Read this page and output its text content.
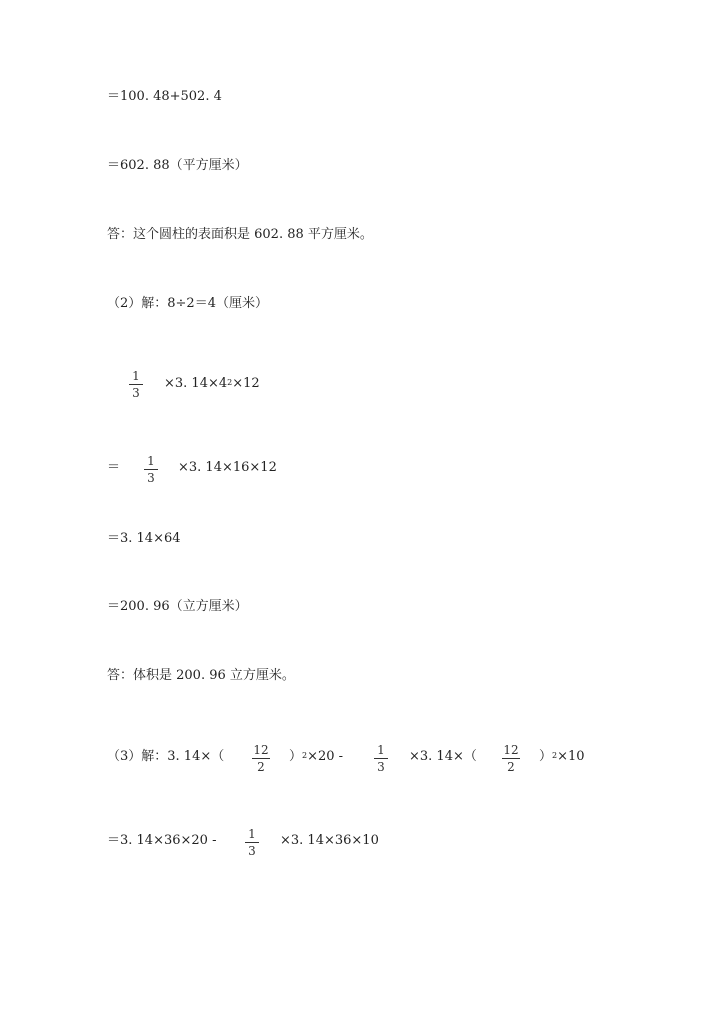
＝100. 48+502. 4
＝602. 88（平方厘米）
答：这个圆柱的表面积是 602. 88 平方厘米。
（2）解：8÷2＝4（厘米）
1
3
×3. $14\times 4^2\times 12$
＝	1
3
×3. 14×16×12
＝3. 14×64
＝200. 96（立方厘米）
答：体积是 200. 96 立方厘米。
（3）解：3. 14×（	12
2
）$^2$×20 -	1
3
×3. 14×（	12
2
）$^2$×10
＝3. 14×36×20 -	1
3
×3. 14×36×10
